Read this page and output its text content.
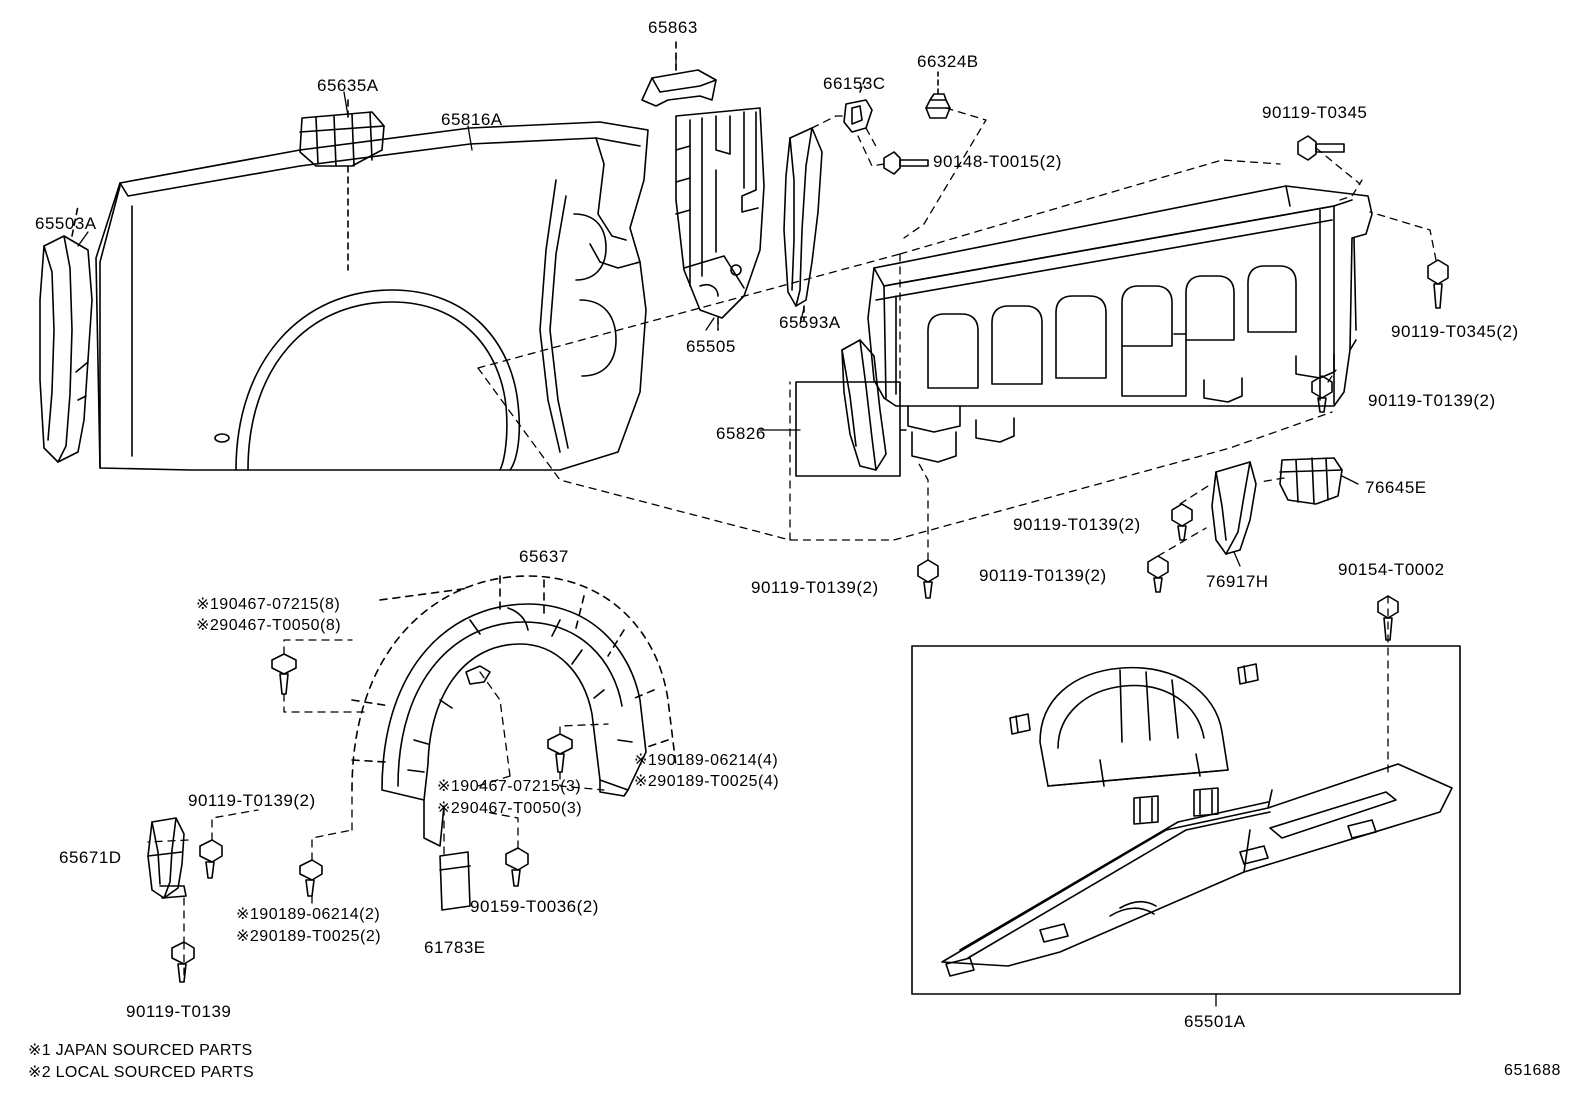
65863
66324B
66153C
65635A
90119-T0345
65816A
90148-T0015(2)
65503A
90119-T0345(2)
65593A
65505
90119-T0139(2)
65826
76645E
90119-T0139(2)
65637
90154-T0002
90119-T0139(2)	76917H
90119-T0139(2)
※190467-07215(8)
※290467-T0050(8)
※190189-06214(4)
※290189-T0025(4)
※190467-07215(3)
※290467-T0050(3)
90119-T0139(2)
65671D
90159-T0036(2)
※190189-06214(2)
※290189-T0025(2)
61783E
90119-T0139
65501A
※1 JAPAN SOURCED PARTS
※2 LOCAL SOURCED PARTS	651688
